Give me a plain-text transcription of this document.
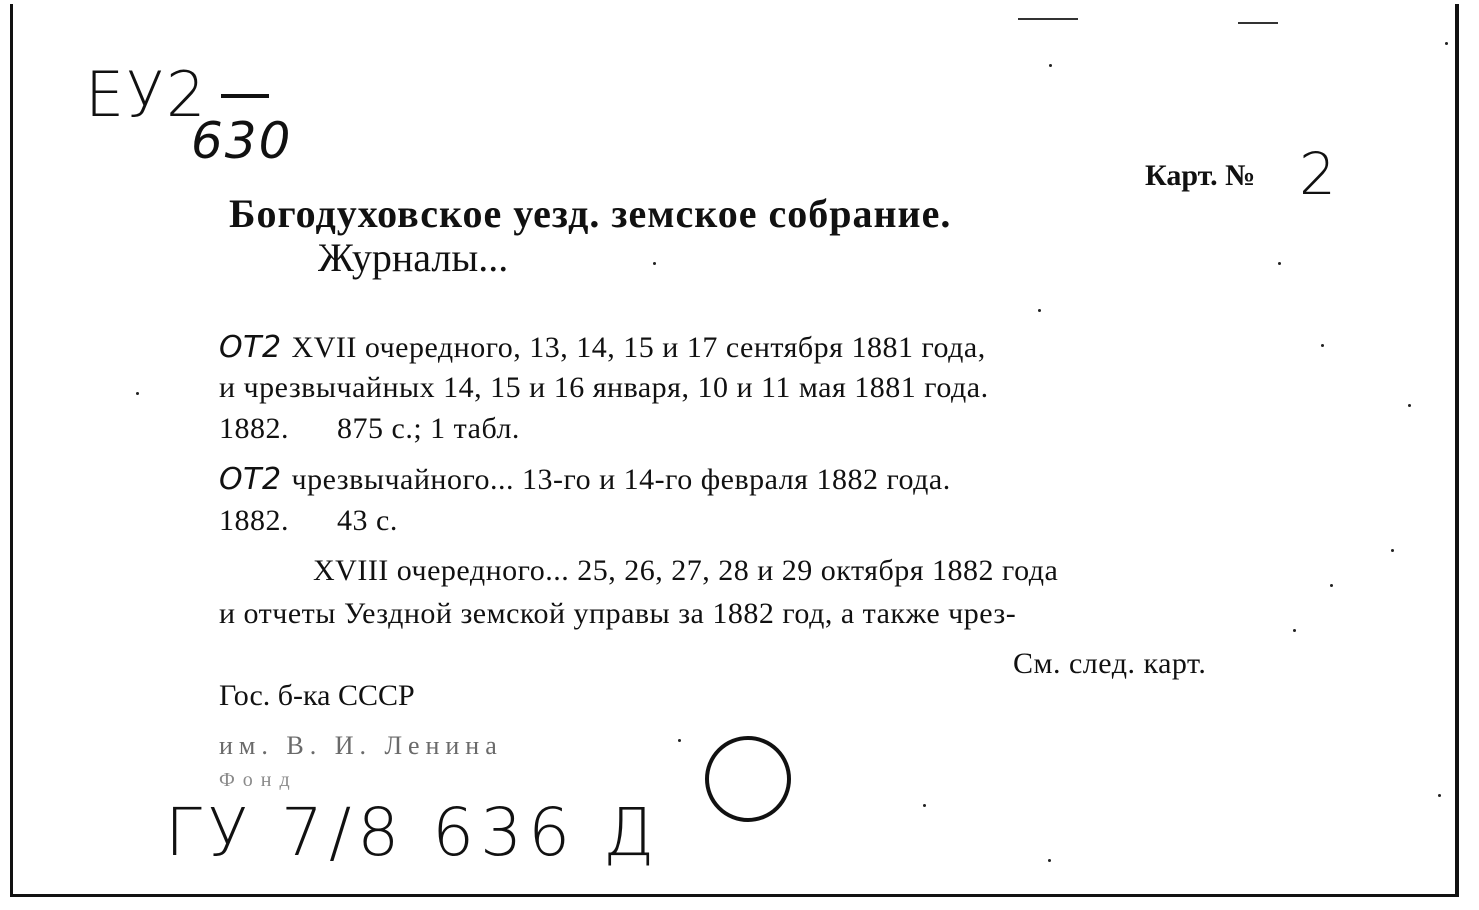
ЕУ2
630
Карт. № 2
Богодуховское уезд. земское собрание.
Журналы...
ОТ2 XVII очередного, 13, 14, 15 и 17 сентября 1881 года,
и чрезвычайных 14, 15 и 16 января, 10 и 11 мая 1881 года.
1882.      875 с.; 1 табл.
ОТ2 чрезвычайного... 13-го и 14-го февраля 1882 года.
1882.      43 с.
XVIII очередного... 25, 26, 27, 28 и 29 октября 1882 года
и отчеты Уездной земской управы за 1882 год, а также чрез-
См. след. карт.
Гос. б-ка СССР
им. В. И. Ленина
Фонд
ГУ 7/8 636 Д
